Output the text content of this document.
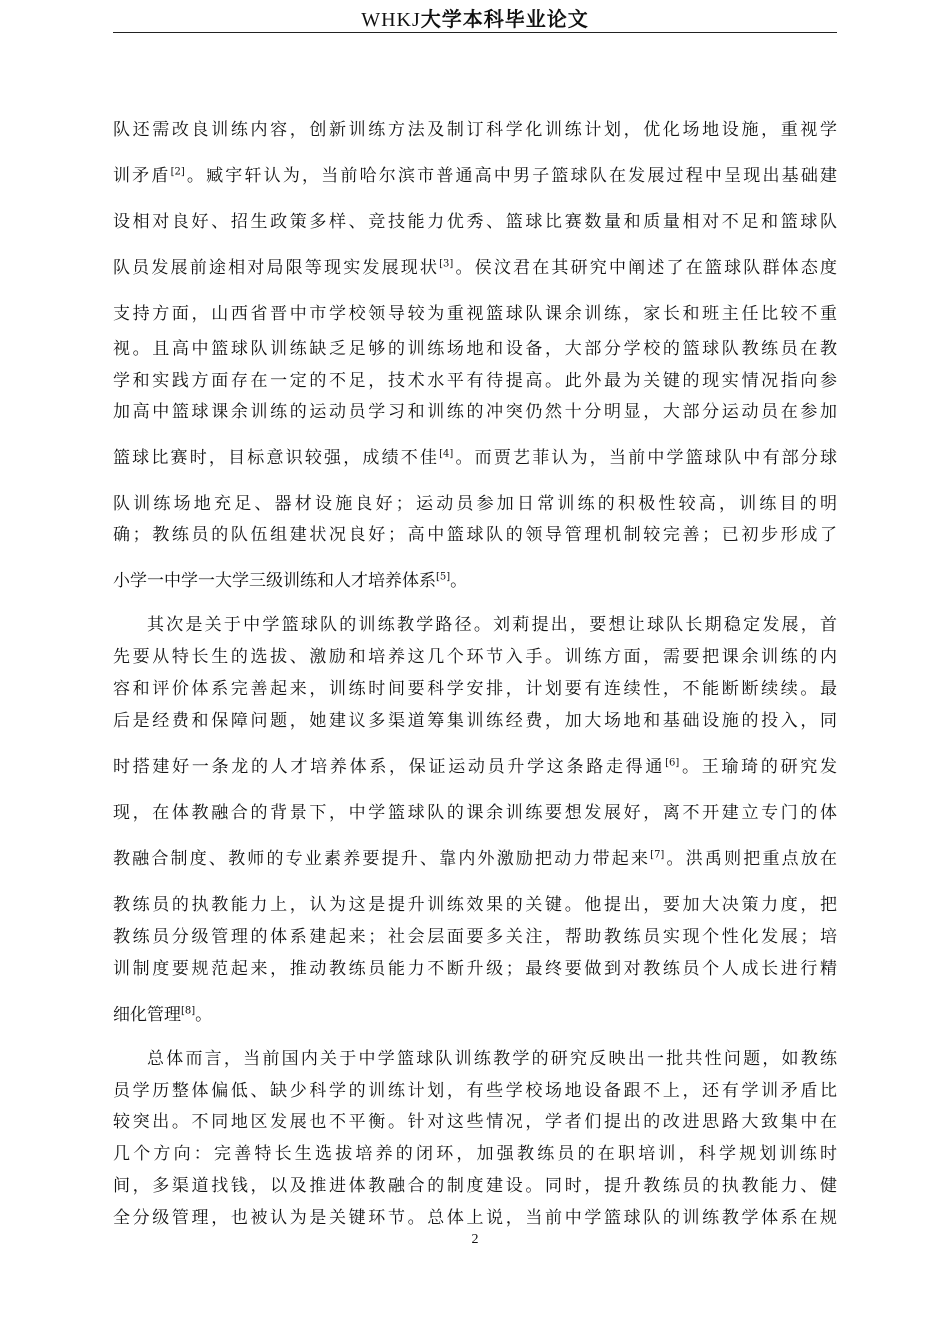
WHKJ大学本科毕业论文
队还需改良训练内容，创新训练方法及制订科学化训练计划，优化场地设施，重视学
训矛盾[2]。臧宇轩认为，当前哈尔滨市普通高中男子篮球队在发展过程中呈现出基础建
设相对良好、招生政策多样、竞技能力优秀、篮球比赛数量和质量相对不足和篮球队
队员发展前途相对局限等现实发展现状[3]。侯汶君在其研究中阐述了在篮球队群体态度
支持方面，山西省晋中市学校领导较为重视篮球队课余训练，家长和班主任比较不重
视。且高中篮球队训练缺乏足够的训练场地和设备，大部分学校的篮球队教练员在教
学和实践方面存在一定的不足，技术水平有待提高。此外最为关键的现实情况指向参
加高中篮球课余训练的运动员学习和训练的冲突仍然十分明显，大部分运动员在参加
篮球比赛时，目标意识较强，成绩不佳[4]。而贾艺菲认为，当前中学篮球队中有部分球
队训练场地充足、器材设施良好；运动员参加日常训练的积极性较高，训练目的明
确；教练员的队伍组建状况良好；高中篮球队的领导管理机制较完善；已初步形成了
小学一中学一大学三级训练和人才培养体系[5]。
其次是关于中学篮球队的训练教学路径。刘莉提出，要想让球队长期稳定发展，首
先要从特长生的选拔、激励和培养这几个环节入手。训练方面，需要把课余训练的内
容和评价体系完善起来，训练时间要科学安排，计划要有连续性，不能断断续续。最
后是经费和保障问题，她建议多渠道筹集训练经费，加大场地和基础设施的投入，同
时搭建好一条龙的人才培养体系，保证运动员升学这条路走得通[6]。王瑜琦的研究发
现，在体教融合的背景下，中学篮球队的课余训练要想发展好，离不开建立专门的体
教融合制度、教师的专业素养要提升、靠内外激励把动力带起来[7]。洪禹则把重点放在
教练员的执教能力上，认为这是提升训练效果的关键。他提出，要加大决策力度，把
教练员分级管理的体系建起来；社会层面要多关注，帮助教练员实现个性化发展；培
训制度要规范起来，推动教练员能力不断升级；最终要做到对教练员个人成长进行精
细化管理[8]。
总体而言，当前国内关于中学篮球队训练教学的研究反映出一批共性问题，如教练
员学历整体偏低、缺少科学的训练计划，有些学校场地设备跟不上，还有学训矛盾比
较突出。不同地区发展也不平衡。针对这些情况，学者们提出的改进思路大致集中在
几个方向：完善特长生选拔培养的闭环，加强教练员的在职培训，科学规划训练时
间，多渠道找钱，以及推进体教融合的制度建设。同时，提升教练员的执教能力、健
全分级管理，也被认为是关键环节。总体上说，当前中学篮球队的训练教学体系在规
2
